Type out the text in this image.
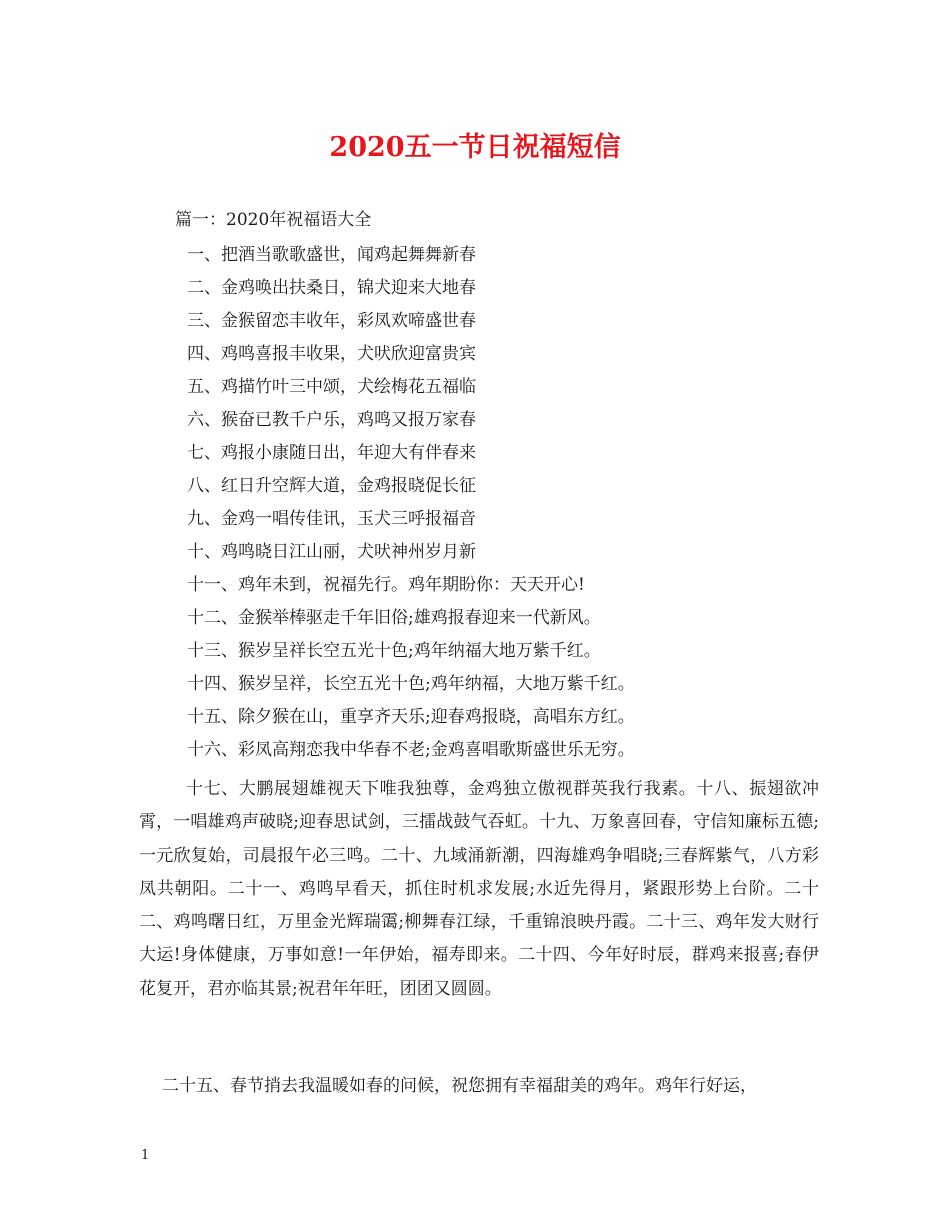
2020五一节日祝福短信
篇一：2020年祝福语大全
一、把酒当歌歌盛世，闻鸡起舞舞新春
二、金鸡唤出扶桑日，锦犬迎来大地春
三、金猴留恋丰收年，彩凤欢啼盛世春
四、鸡鸣喜报丰收果，犬吠欣迎富贵宾
五、鸡描竹叶三中颂，犬绘梅花五福临
六、猴奋已教千户乐，鸡鸣又报万家春
七、鸡报小康随日出，年迎大有伴春来
八、红日升空辉大道，金鸡报晓促长征
九、金鸡一唱传佳讯，玉犬三呼报福音
十、鸡鸣晓日江山丽，犬吠神州岁月新
十一、鸡年未到，祝福先行。鸡年期盼你：天天开心!
十二、金猴举棒驱走千年旧俗;雄鸡报春迎来一代新风。
十三、猴岁呈祥长空五光十色;鸡年纳福大地万紫千红。
十四、猴岁呈祥，长空五光十色;鸡年纳福，大地万紫千红。
十五、除夕猴在山，重享齐天乐;迎春鸡报晓，高唱东方红。
十六、彩凤高翔恋我中华春不老;金鸡喜唱歌斯盛世乐无穷。
十七、大鹏展翅雄视天下唯我独尊，金鸡独立傲视群英我行我素。十八、振翅欲冲霄，一唱雄鸡声破晓;迎春思试剑，三擂战鼓气吞虹。十九、万象喜回春，守信知廉标五德;一元欣复始，司晨报午必三鸣。二十、九域涌新潮，四海雄鸡争唱晓;三春辉紫气，八方彩凤共朝阳。二十一、鸡鸣早看天，抓住时机求发展;水近先得月，紧跟形势上台阶。二十二、鸡鸣曙日红，万里金光辉瑞霭;柳舞春江绿，千重锦浪映丹霞。二十三、鸡年发大财行大运!身体健康，万事如意!一年伊始，福寿即来。二十四、今年好时辰，群鸡来报喜;春伊花复开，君亦临其景;祝君年年旺，团团又圆圆。
二十五、春节捎去我温暖如春的问候，祝您拥有幸福甜美的鸡年。鸡年行好运，
1
